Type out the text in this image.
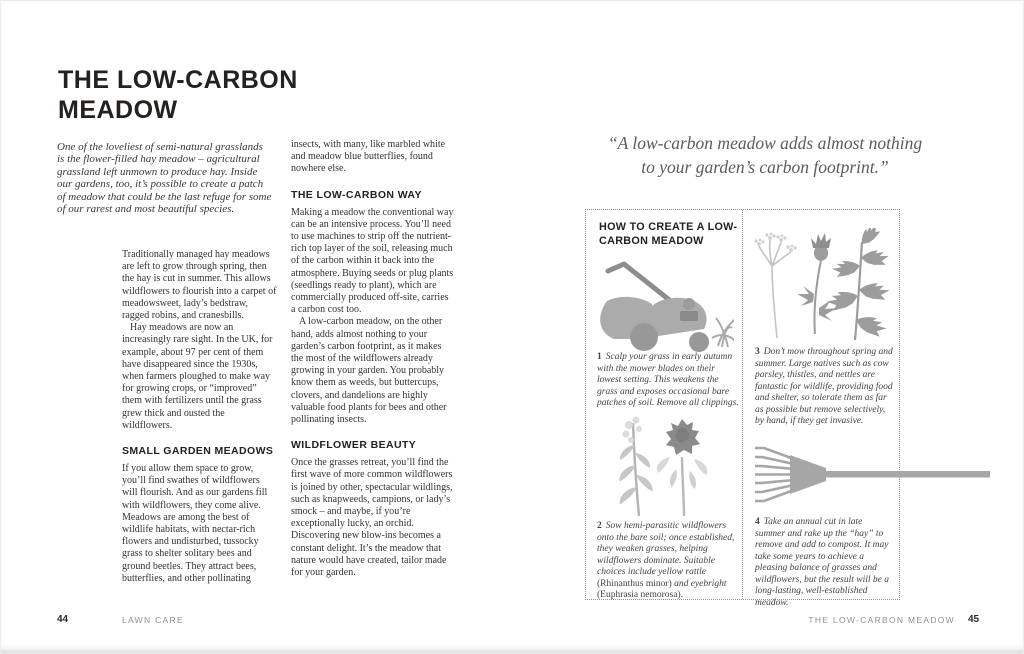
THE LOW-CARBON MEADOW

One of the loveliest of semi-natural grasslands is the flower-filled hay meadow – agricultural grassland left unmown to produce hay. Inside our gardens, too, it’s possible to create a patch of meadow that could be the last refuge for some of our rarest and most beautiful species.

Traditionally managed hay meadows are left to grow through spring, then the hay is cut in summer. This allows wildflowers to flourish into a carpet of meadowsweet, lady’s bedstraw, ragged robins, and cranesbills.

Hay meadows are now an increasingly rare sight. In the UK, for example, about 97 per cent of them have disappeared since the 1930s, when farmers ploughed to make way for growing crops, or “improved” them with fertilizers until the grass grew thick and ousted the wildflowers.

SMALL GARDEN MEADOWS

If you allow them space to grow, you’ll find swathes of wildflowers will flourish. And as our gardens fill with wildflowers, they come alive. Meadows are among the best of wildlife habitats, with nectar-rich flowers and undisturbed, tussocky grass to shelter solitary bees and ground beetles. They attract bees, butterflies, and other pollinating

insects, with many, like marbled white and meadow blue butterflies, found nowhere else.

THE LOW-CARBON WAY

Making a meadow the conventional way can be an intensive process. You’ll need to use machines to strip off the nutrient-rich top layer of the soil, releasing much of the carbon within it back into the atmosphere. Buying seeds or plug plants (seedlings ready to plant), which are commercially produced off-site, carries a carbon cost too.

A low-carbon meadow, on the other hand, adds almost nothing to your garden’s carbon footprint, as it makes the most of the wildflowers already growing in your garden. You probably know them as weeds, but buttercups, clovers, and dandelions are highly valuable food plants for bees and other pollinating insects.

WILDFLOWER BEAUTY

Once the grasses retreat, you’ll find the first wave of more common wildflowers is joined by other, spectacular wildlings, such as knapweeds, campions, or lady’s smock – and maybe, if you’re exceptionally lucky, an orchid. Discovering new blow-ins becomes a constant delight. It’s the meadow that nature would have created, tailor made for your garden.

“A low-carbon meadow adds almost nothing
to your garden’s carbon footprint.”
HOW TO CREATE A LOW-CARBON MEADOW

1 Scalp your grass in early autumn with the mower blades on their lowest setting. This weakens the grass and exposes occasional bare patches of soil. Remove all clippings.

3 Don’t mow throughout spring and summer. Large natives such as cow parsley, thistles, and nettles are fantastic for wildlife, providing food and shelter, so tolerate them as far as possible but remove selectively, by hand, if they get invasive.

2 Sow hemi-parasitic wildflowers onto the bare soil; once established, they weaken grasses, helping wildflowers dominate. Suitable choices include yellow rattle (Rhinanthus minor) and eyebright (Euphrasia nemorosa).

4 Take an annual cut in late summer and rake up the “hay” to remove and add to compost. It may take some years to achieve a pleasing balance of grasses and wildflowers, but the result will be a long-lasting, well-established meadow.

44	LAWN CARE	THE LOW-CARBON MEADOW 45
